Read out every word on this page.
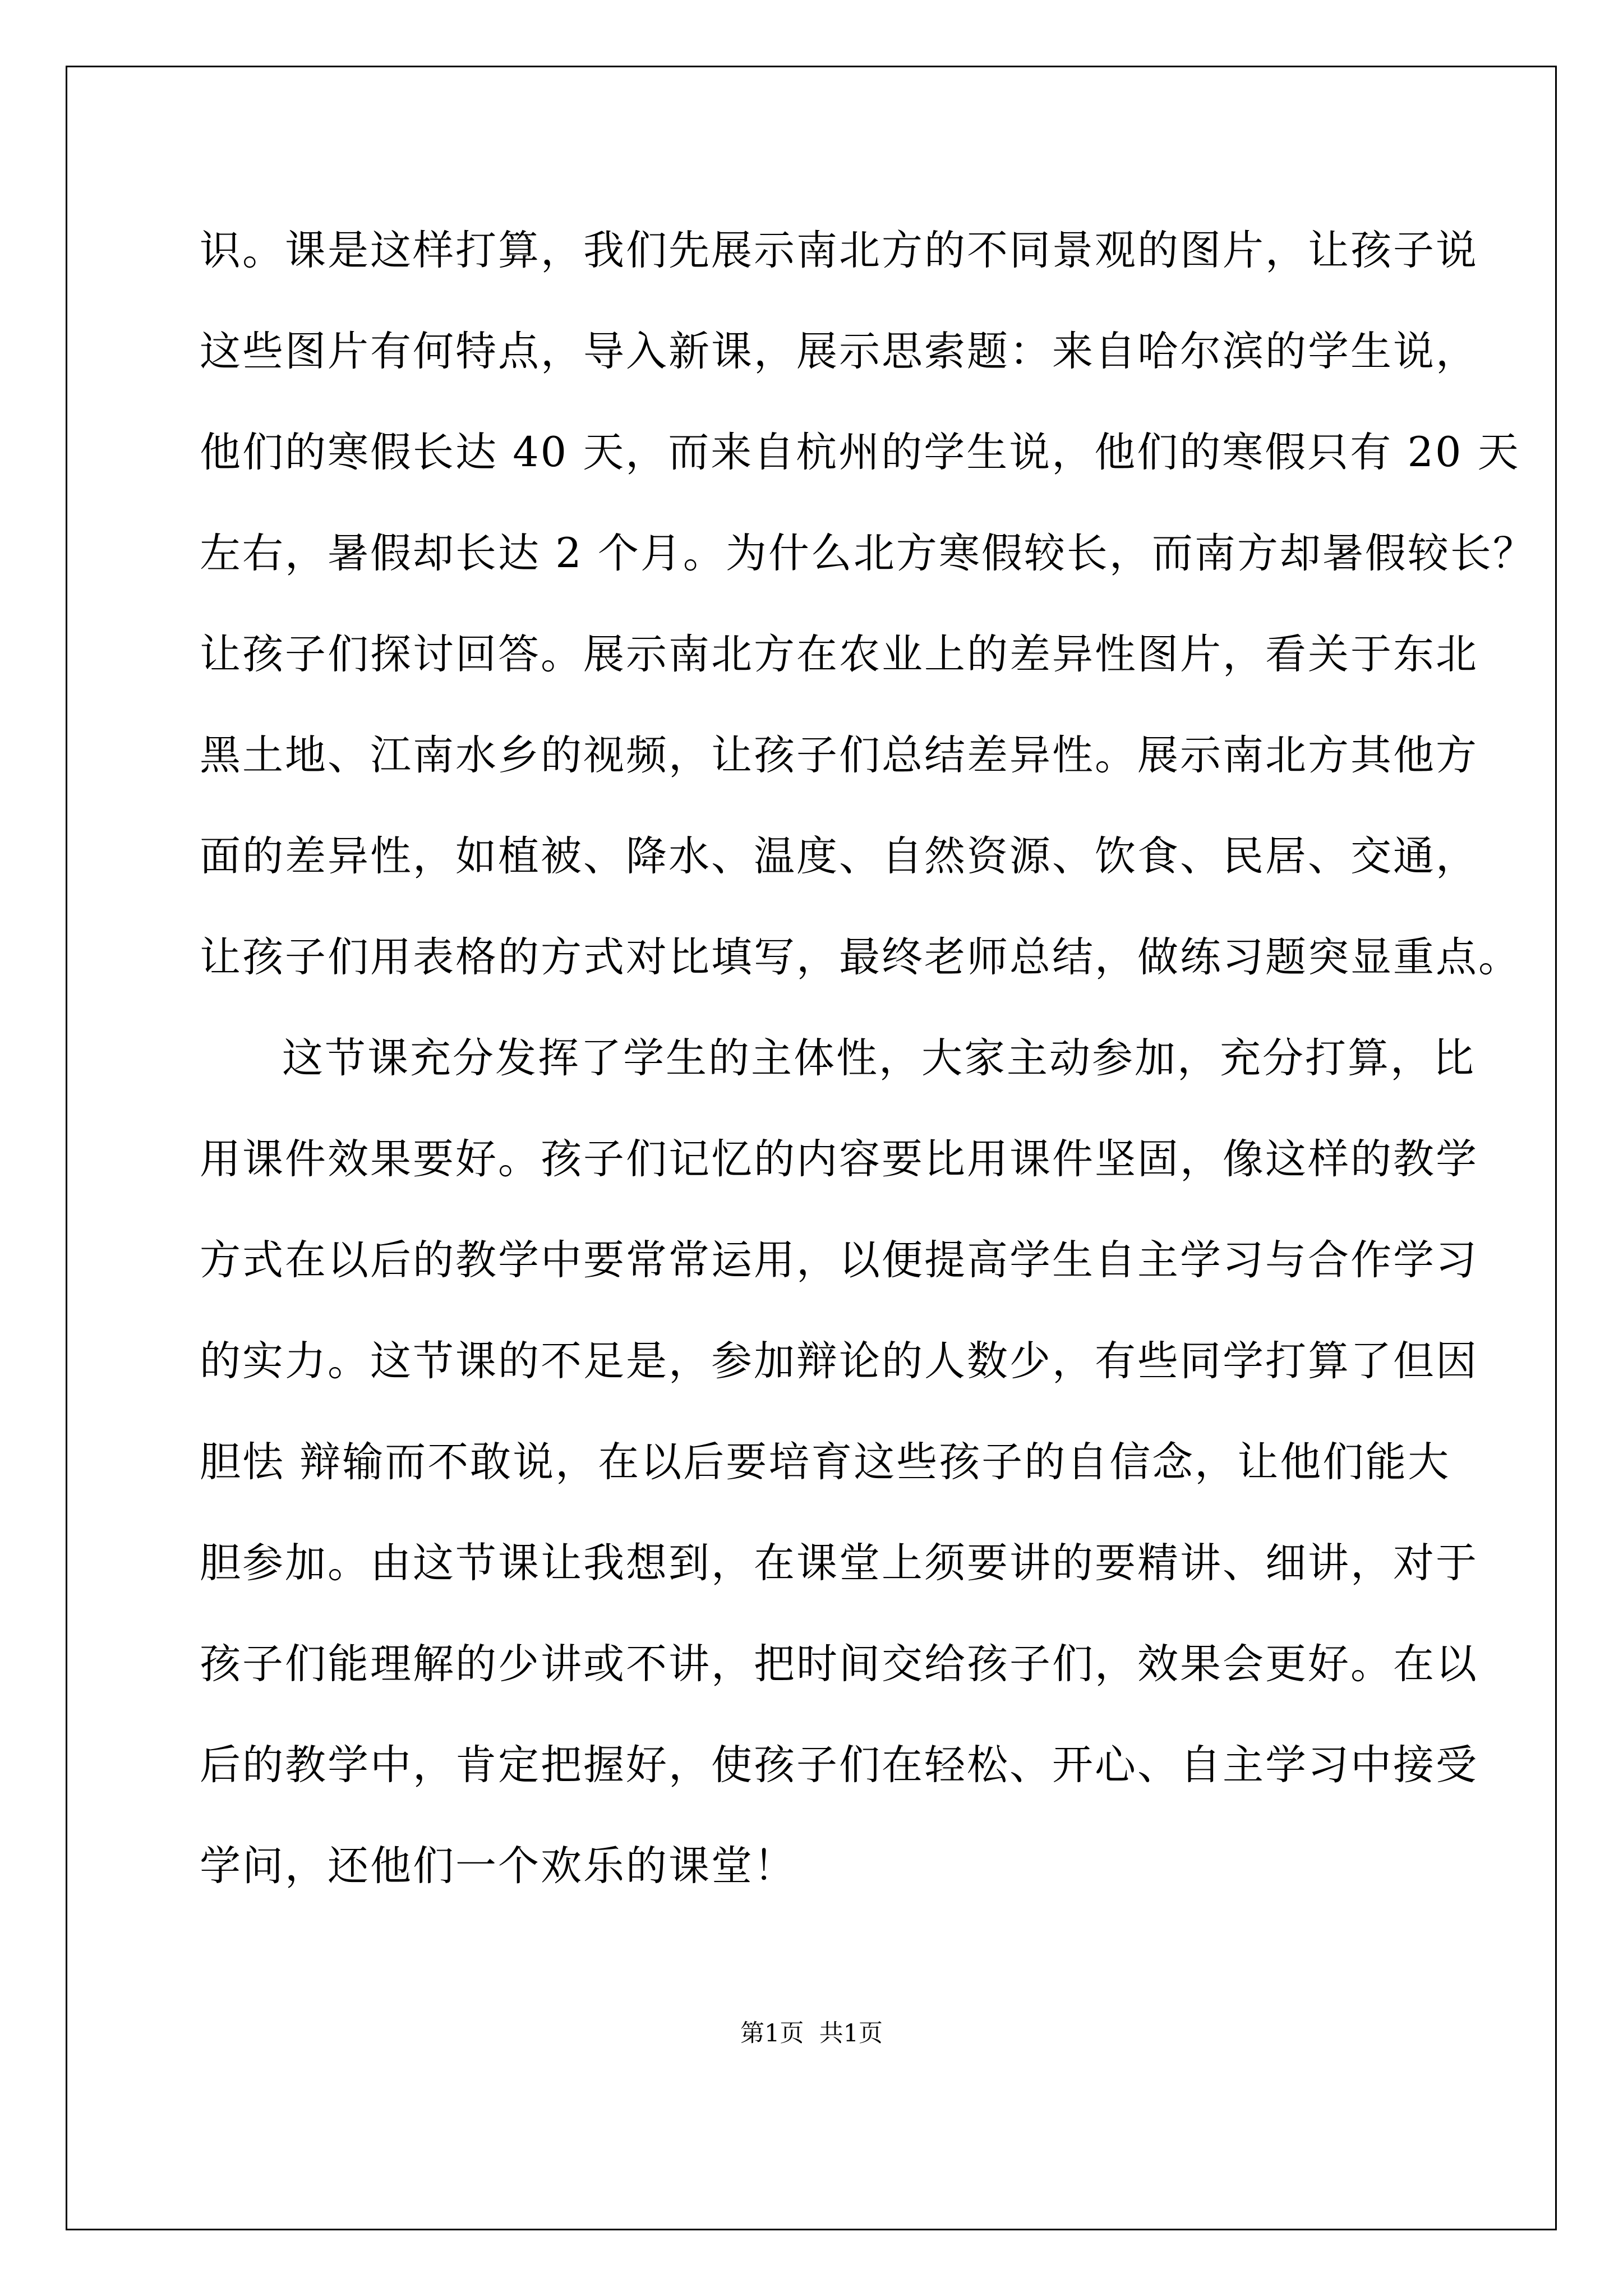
识。课是这样打算，我们先展示南北方的不同景观的图片，让孩子说
这些图片有何特点，导入新课，展示思索题：来自哈尔滨的学生说，
他们的寒假长达 40 天，而来自杭州的学生说，他们的寒假只有 20 天
左右，暑假却长达 2 个月。为什么北方寒假较长，而南方却暑假较长？
让孩子们探讨回答。展示南北方在农业上的差异性图片，看关于东北
黑土地、江南水乡的视频，让孩子们总结差异性。展示南北方其他方
面的差异性，如植被、降水、温度、自然资源、饮食、民居、交通，
让孩子们用表格的方式对比填写，最终老师总结，做练习题突显重点。
这节课充分发挥了学生的主体性，大家主动参加，充分打算，比
用课件效果要好。孩子们记忆的内容要比用课件坚固，像这样的教学
方式在以后的教学中要常常运用，以便提高学生自主学习与合作学习
的实力。这节课的不足是，参加辩论的人数少，有些同学打算了但因
胆怯 辩输而不敢说，在以后要培育这些孩子的自信念，让他们能大
胆参加。由这节课让我想到，在课堂上须要讲的要精讲、细讲，对于
孩子们能理解的少讲或不讲，把时间交给孩子们，效果会更好。在以
后的教学中，肯定把握好，使孩子们在轻松、开心、自主学习中接受
学问，还他们一个欢乐的课堂！
第1页  共1页
